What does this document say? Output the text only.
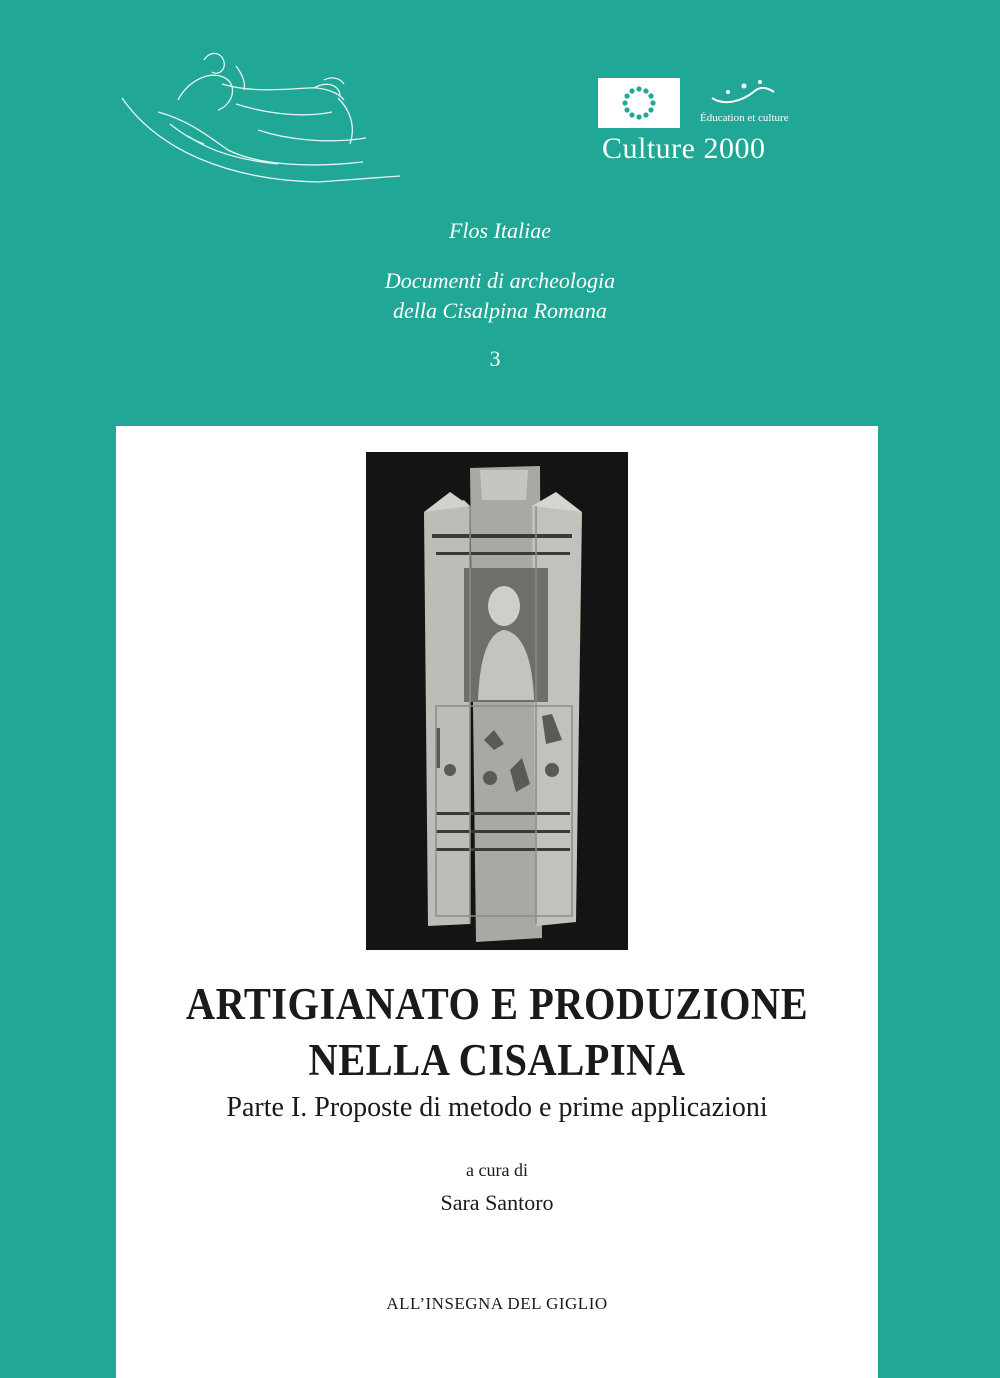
Éducation et culture
Culture 2000
Flos Italiae
Documenti di archeologia
della Cisalpina Romana
3
ARTIGIANATO E PRODUZIONE
NELLA CISALPINA
Parte I. Proposte di metodo e prime applicazioni
a cura di
Sara Santoro
ALL’INSEGNA DEL GIGLIO
